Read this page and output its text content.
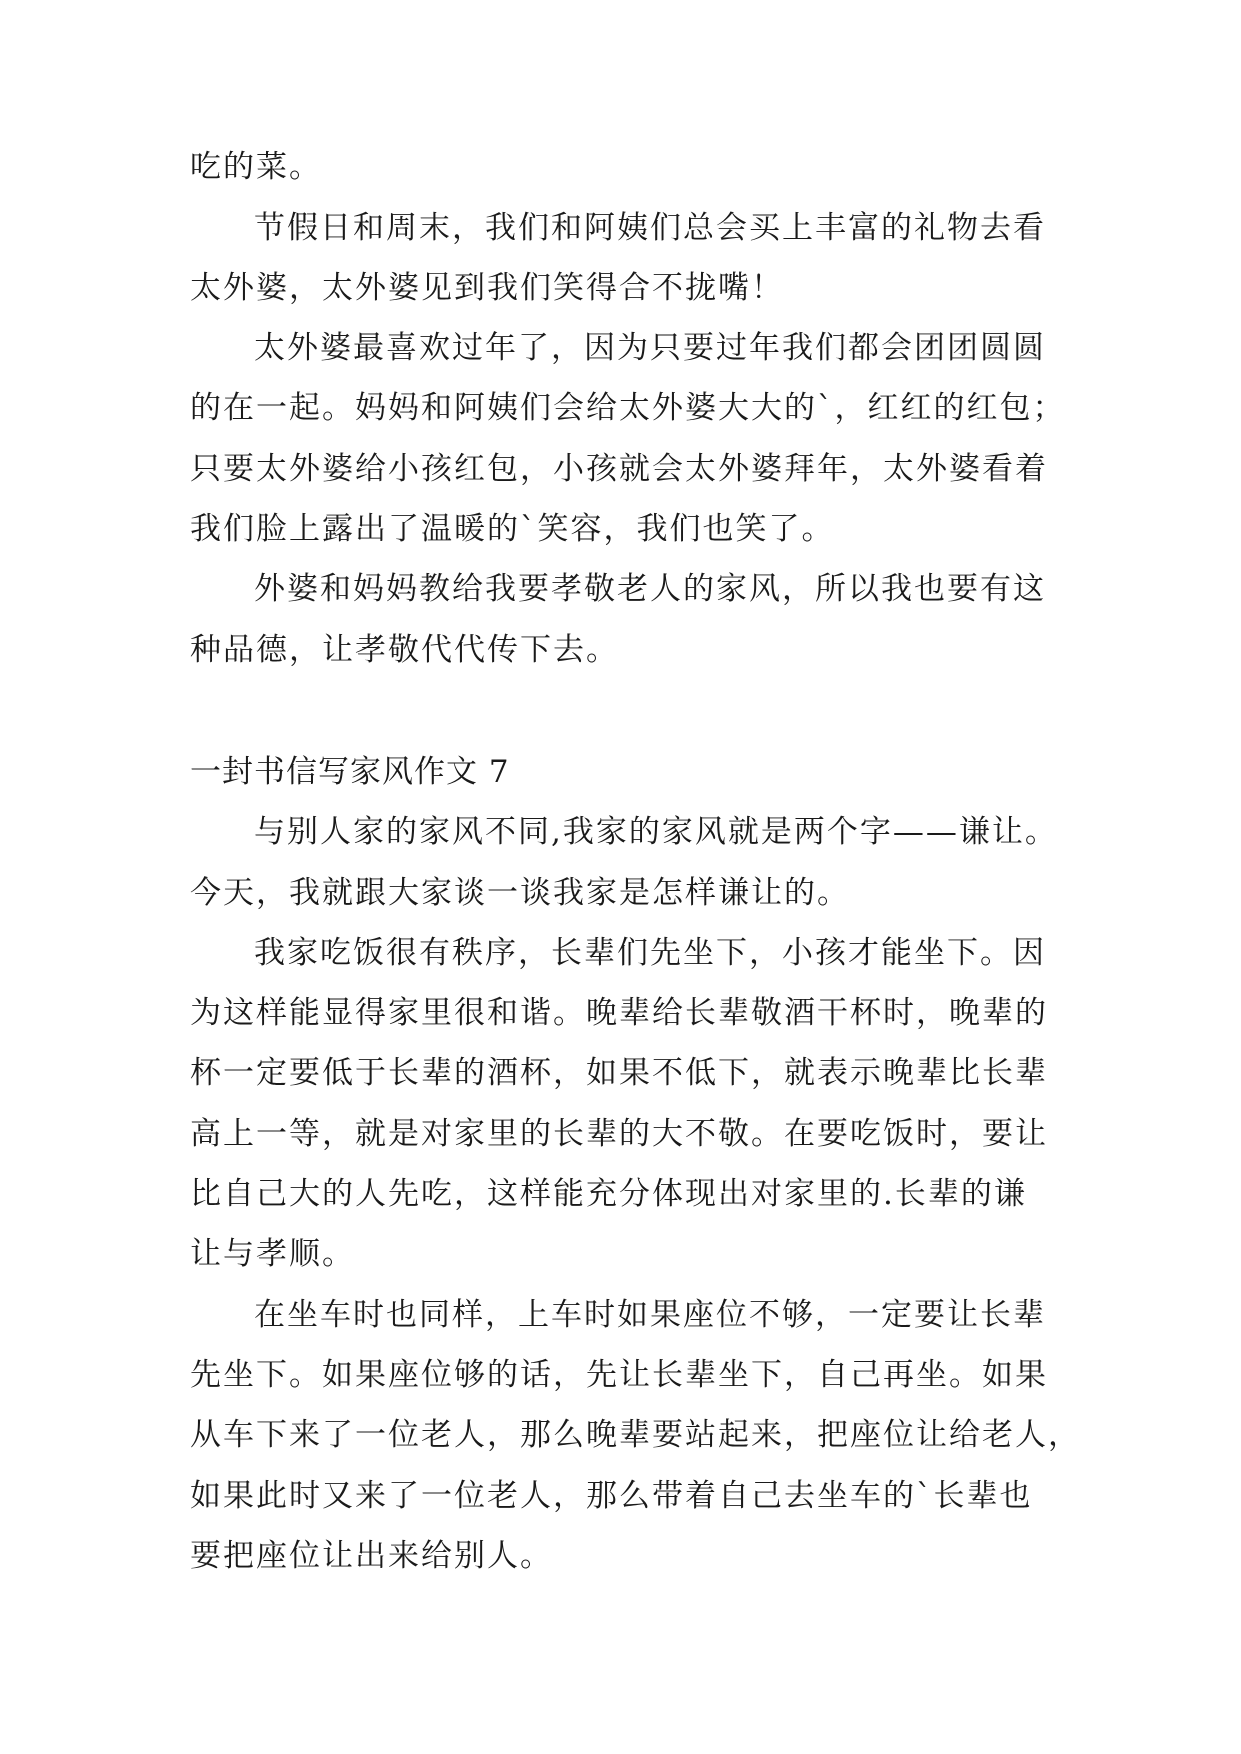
吃的菜。
节假日和周末，我们和阿姨们总会买上丰富的礼物去看
太外婆，太外婆见到我们笑得合不拢嘴！
太外婆最喜欢过年了，因为只要过年我们都会团团圆圆
的在一起。妈妈和阿姨们会给太外婆大大的`，红红的红包；
只要太外婆给小孩红包，小孩就会太外婆拜年，太外婆看着
我们脸上露出了温暖的`笑容，我们也笑了。
外婆和妈妈教给我要孝敬老人的家风，所以我也要有这
种品德，让孝敬代代传下去。
一封书信写家风作文 7
与别人家的家风不同,我家的家风就是两个字——谦让。
今天，我就跟大家谈一谈我家是怎样谦让的。
我家吃饭很有秩序，长辈们先坐下，小孩才能坐下。因
为这样能显得家里很和谐。晚辈给长辈敬酒干杯时，晚辈的
杯一定要低于长辈的酒杯，如果不低下，就表示晚辈比长辈
高上一等，就是对家里的长辈的大不敬。在要吃饭时，要让
比自己大的人先吃，这样能充分体现出对家里的.长辈的谦
让与孝顺。
在坐车时也同样，上车时如果座位不够，一定要让长辈
先坐下。如果座位够的话，先让长辈坐下，自己再坐。如果
从车下来了一位老人，那么晚辈要站起来，把座位让给老人，
如果此时又来了一位老人，那么带着自己去坐车的`长辈也
要把座位让出来给别人。
